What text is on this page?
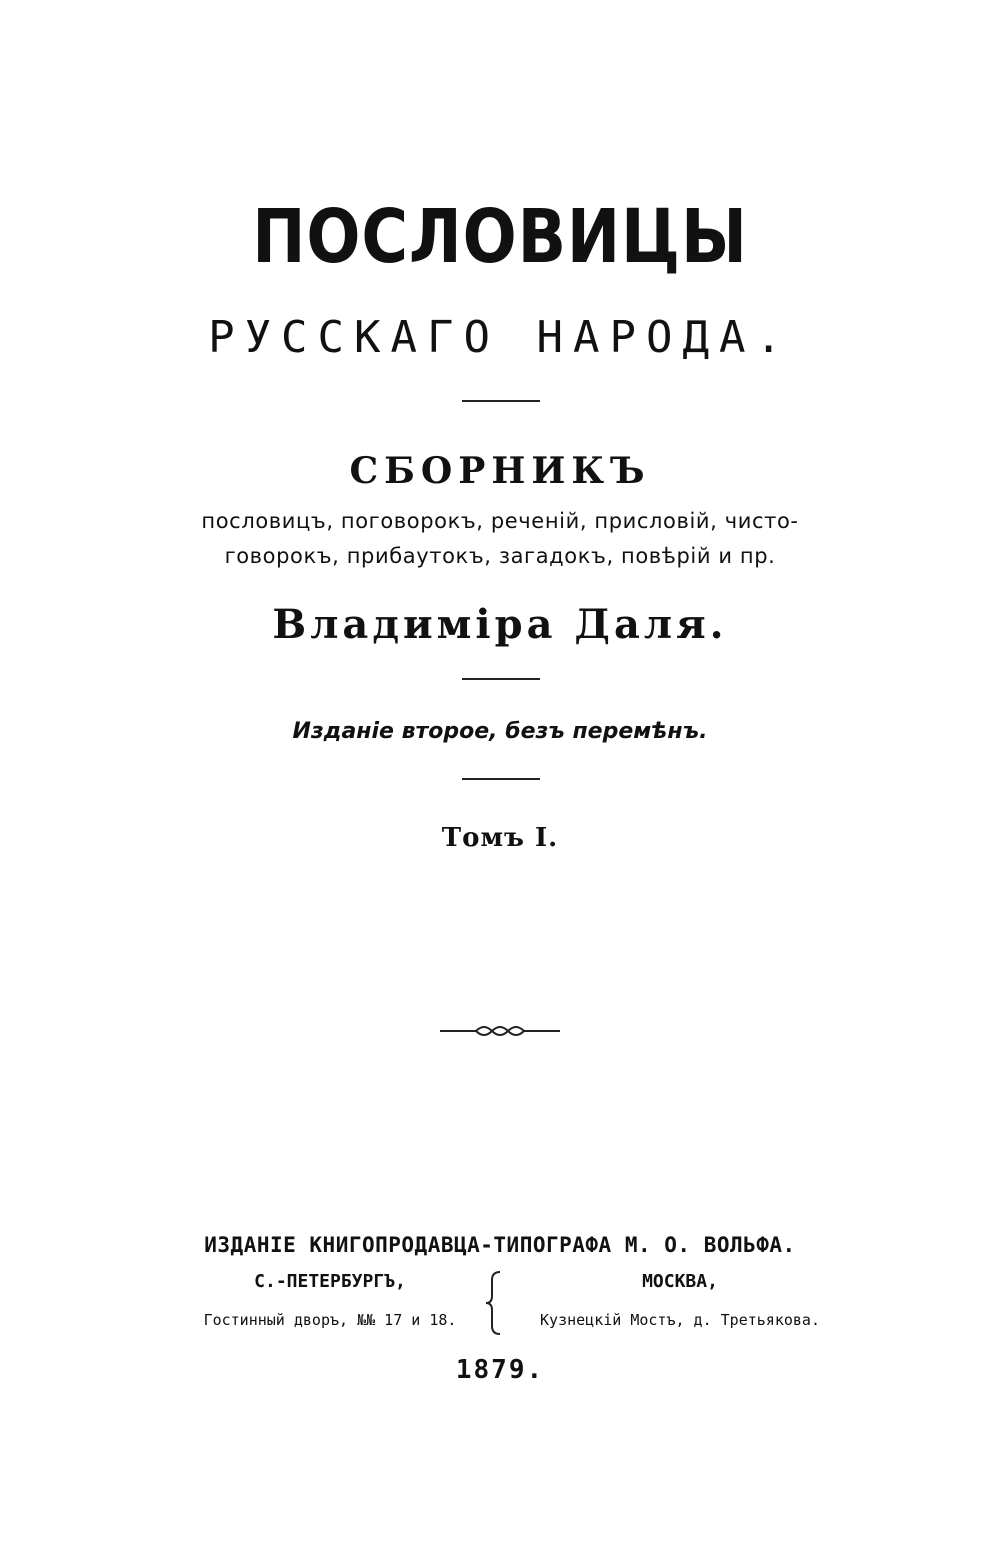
ПОСЛОВИЦЫ
РУССКАГО НАРОДА.
СБОРНИКЪ
пословицъ, поговорокъ, реченій, присловій, чисто-
говорокъ, прибаутокъ, загадокъ, повѣрій и пр.
Владиміра Даля.
Изданіе второе, безъ перемѣнъ.
Томъ I.
ИЗДАНІЕ КНИГОПРОДАВЦА-ТИПОГРАФА М. О. ВОЛЬФА.
С.-ПЕТЕРБУРГЪ,
Гостинный дворъ, №№ 17 и 18.
МОСКВА,
Кузнецкій Мостъ, д. Третьякова.
1879.
